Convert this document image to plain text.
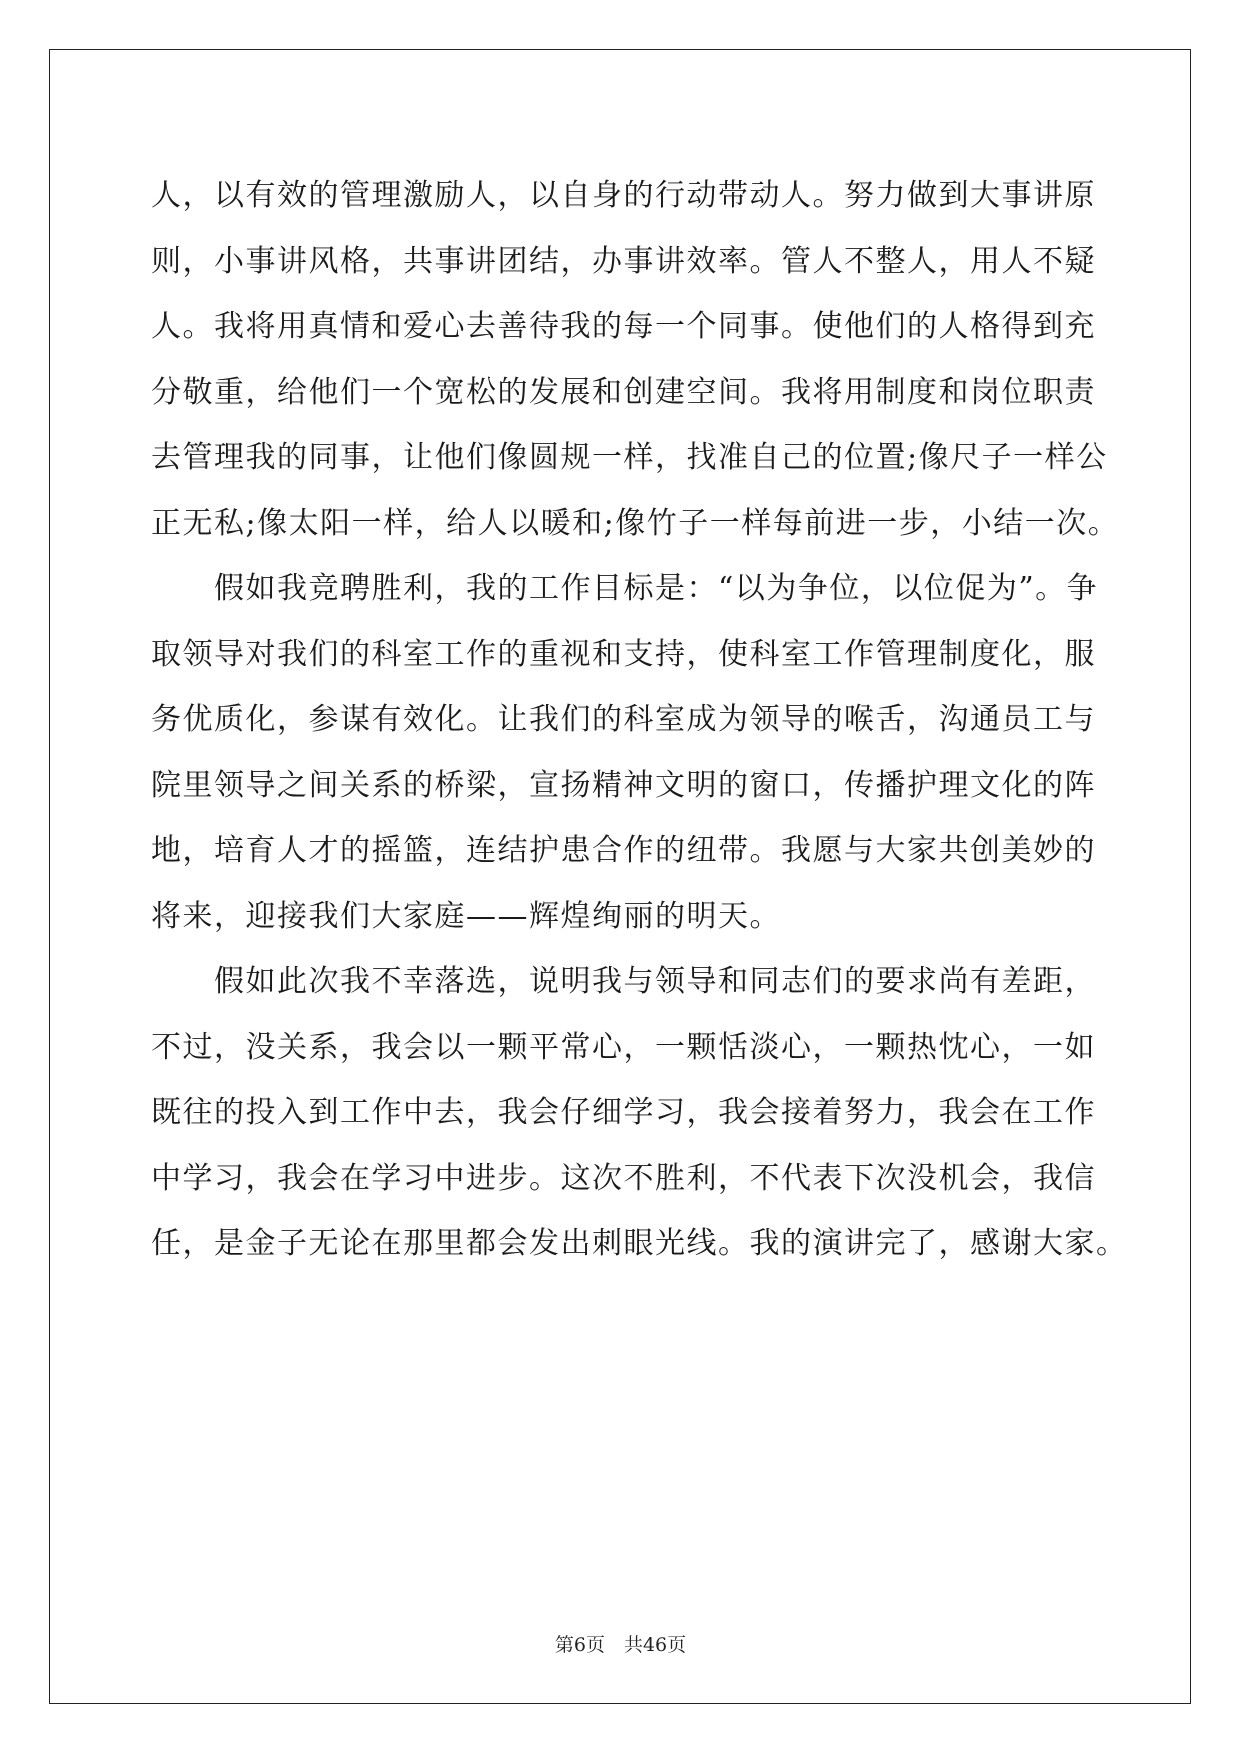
人，以有效的管理激励人，以自身的行动带动人。努力做到大事讲原
则，小事讲风格，共事讲团结，办事讲效率。管人不整人，用人不疑
人。我将用真情和爱心去善待我的每一个同事。使他们的人格得到充
分敬重，给他们一个宽松的发展和创建空间。我将用制度和岗位职责
去管理我的同事，让他们像圆规一样，找准自己的位置;像尺子一样公
正无私;像太阳一样，给人以暖和;像竹子一样每前进一步，小结一次。
　　假如我竞聘胜利，我的工作目标是：“以为争位，以位促为”。争
取领导对我们的科室工作的重视和支持，使科室工作管理制度化，服
务优质化，参谋有效化。让我们的科室成为领导的喉舌，沟通员工与
院里领导之间关系的桥梁，宣扬精神文明的窗口，传播护理文化的阵
地，培育人才的摇篮，连结护患合作的纽带。我愿与大家共创美妙的
将来，迎接我们大家庭——辉煌绚丽的明天。
　　假如此次我不幸落选，说明我与领导和同志们的要求尚有差距，
不过，没关系，我会以一颗平常心，一颗恬淡心，一颗热忱心，一如
既往的投入到工作中去，我会仔细学习，我会接着努力，我会在工作
中学习，我会在学习中进步。这次不胜利，不代表下次没机会，我信
任，是金子无论在那里都会发出刺眼光线。我的演讲完了，感谢大家。
第6页　共46页
